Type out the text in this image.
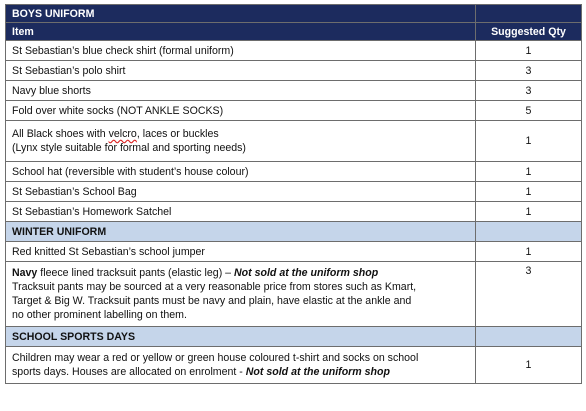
BOYS UNIFORM	
Item	Suggested Qty
St Sebastian’s blue check shirt (formal uniform)	1
St Sebastian’s polo shirt	3
Navy blue shorts	3
Fold over white socks (NOT ANKLE SOCKS)	5

All Black shoes with velcro, laces or buckles
(Lynx style suitable for formal and sporting needs)	1
School hat (reversible with student’s house colour)	1
St Sebastian’s School Bag	1
St Sebastian’s Homework Satchel	1
WINTER UNIFORM	
Red knitted St Sebastian’s school jumper	1

Navy fleece lined tracksuit pants (elastic leg) – Not sold at the uniform shop
Tracksuit pants may be sourced at a very reasonable price from stores such as Kmart,
Target & Big W. Tracksuit pants must be navy and plain, have elastic at the ankle and
no other prominent labelling on them.	3
SCHOOL SPORTS DAYS	

Children may wear a red or yellow or green house coloured t-shirt and socks on school
sports days. Houses are allocated on enrolment - Not sold at the uniform shop	1
